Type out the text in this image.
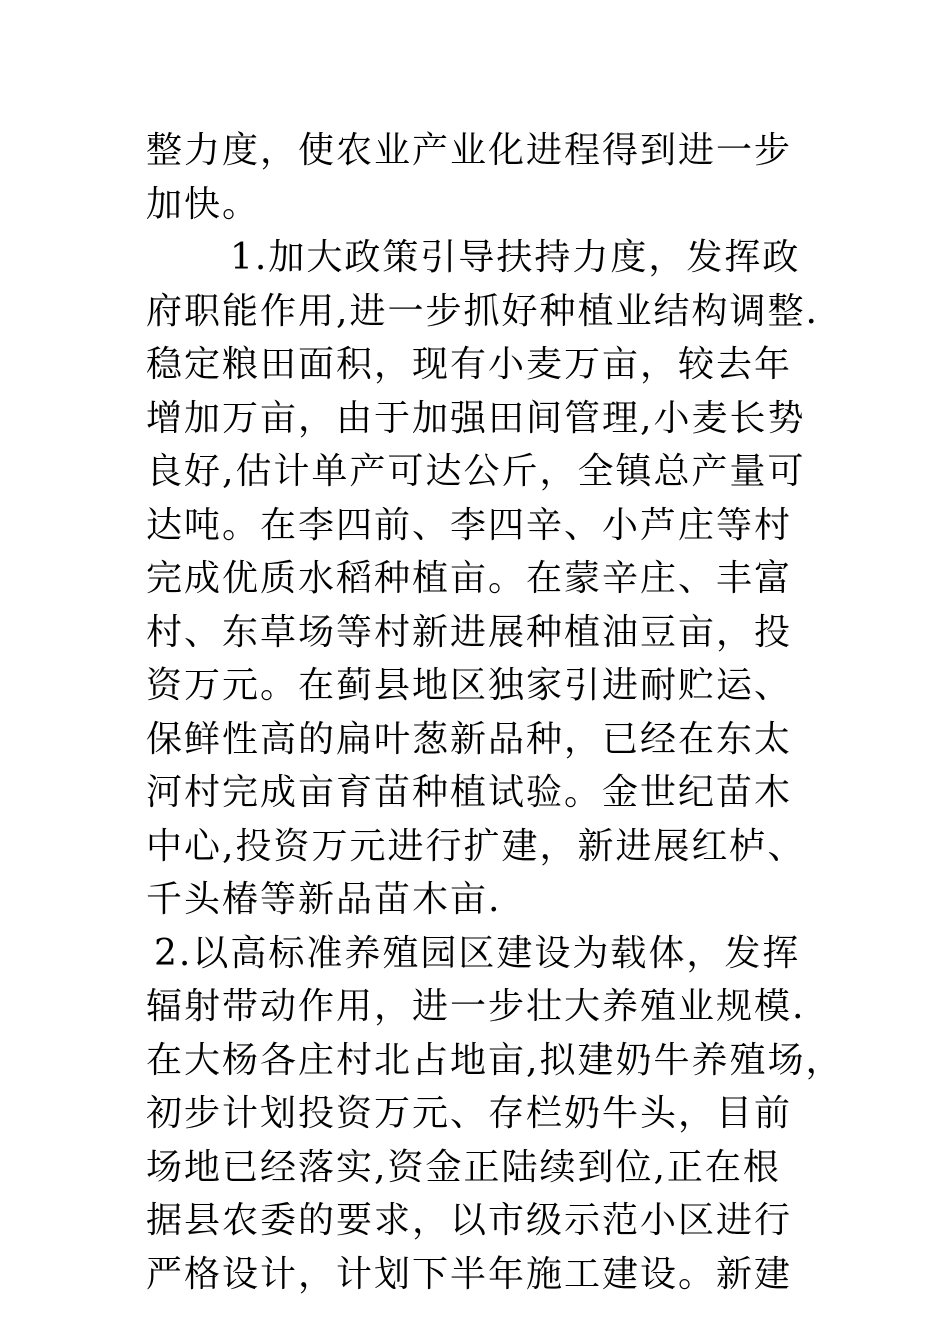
整力度，使农业产业化进程得到进一步
加快。
1.加大政策引导扶持力度，发挥政
府职能作用,进一步抓好种植业结构调整.
稳定粮田面积，现有小麦万亩，较去年
增加万亩，由于加强田间管理,小麦长势
良好,估计单产可达公斤，全镇总产量可
达吨。在李四前、李四辛、小芦庄等村
完成优质水稻种植亩。在蒙辛庄、丰富
村、东草场等村新进展种植油豆亩，投
资万元。在蓟县地区独家引进耐贮运、
保鲜性高的扁叶葱新品种，已经在东太
河村完成亩育苗种植试验。金世纪苗木
中心,投资万元进行扩建，新进展红栌、
千头椿等新品苗木亩.
2.以高标准养殖园区建设为载体，发挥
辐射带动作用，进一步壮大养殖业规模.
在大杨各庄村北占地亩,拟建奶牛养殖场，
初步计划投资万元、存栏奶牛头，目前
场地已经落实,资金正陆续到位,正在根
据县农委的要求，以市级示范小区进行
严格设计，计划下半年施工建设。新建
